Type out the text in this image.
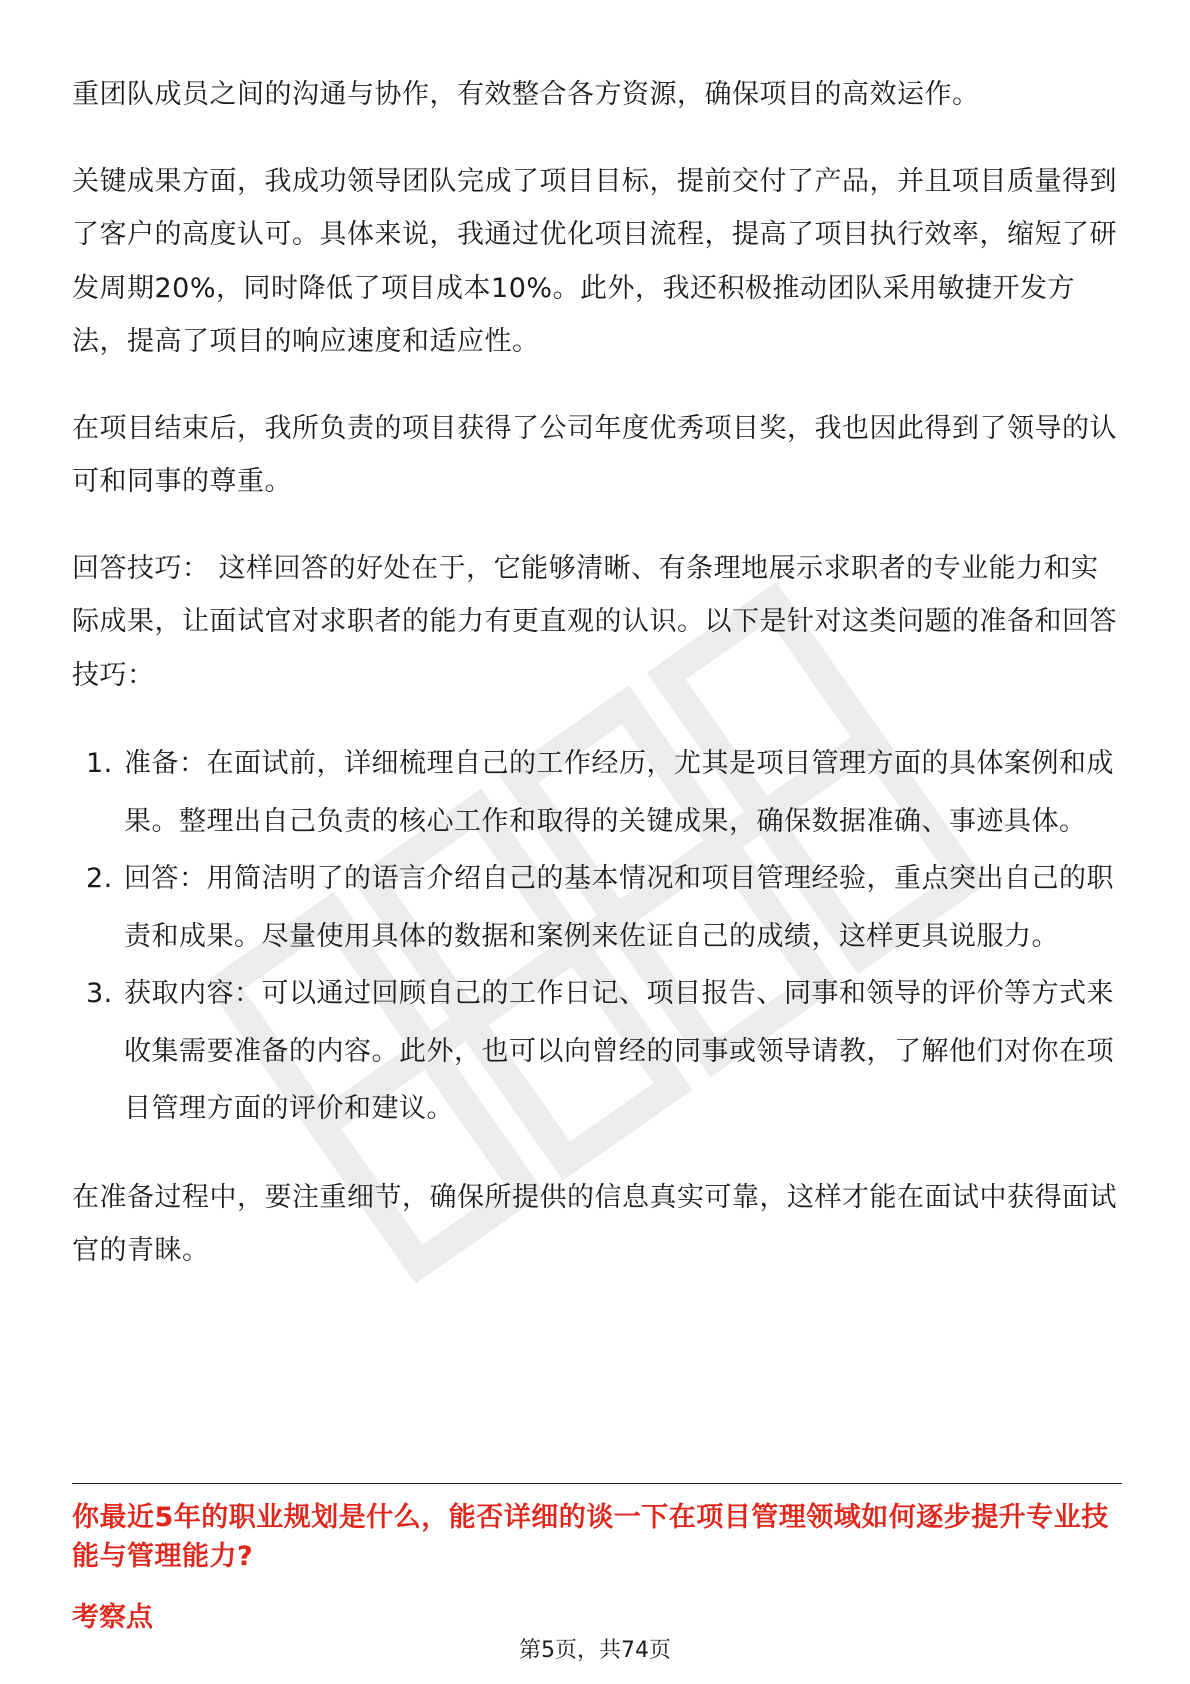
重团队成员之间的沟通与协作，有效整合各方资源，确保项目的高效运作。

关键成果方面，我成功领导团队完成了项目目标，提前交付了产品，并且项目质量得到了客户的高度认可。具体来说，我通过优化项目流程，提高了项目执行效率，缩短了研发周期20%，同时降低了项目成本10%。此外，我还积极推动团队采用敏捷开发方法，提高了项目的响应速度和适应性。

在项目结束后，我所负责的项目获得了公司年度优秀项目奖，我也因此得到了领导的认可和同事的尊重。

回答技巧： 这样回答的好处在于，它能够清晰、有条理地展示求职者的专业能力和实际成果，让面试官对求职者的能力有更直观的认识。以下是针对这类问题的准备和回答技巧：

1. 准备：在面试前，详细梳理自己的工作经历，尤其是项目管理方面的具体案例和成果。整理出自己负责的核心工作和取得的关键成果，确保数据准确、事迹具体。
2. 回答：用简洁明了的语言介绍自己的基本情况和项目管理经验，重点突出自己的职责和成果。尽量使用具体的数据和案例来佐证自己的成绩，这样更具说服力。
3. 获取内容：可以通过回顾自己的工作日记、项目报告、同事和领导的评价等方式来收集需要准备的内容。此外，也可以向曾经的同事或领导请教，了解他们对你在项目管理方面的评价和建议。

在准备过程中，要注重细节，确保所提供的信息真实可靠，这样才能在面试中获得面试官的青睐。

你最近5年的职业规划是什么，能否详细的谈一下在项目管理领域如何逐步提升专业技能与管理能力?
考察点
第5页，共74页
